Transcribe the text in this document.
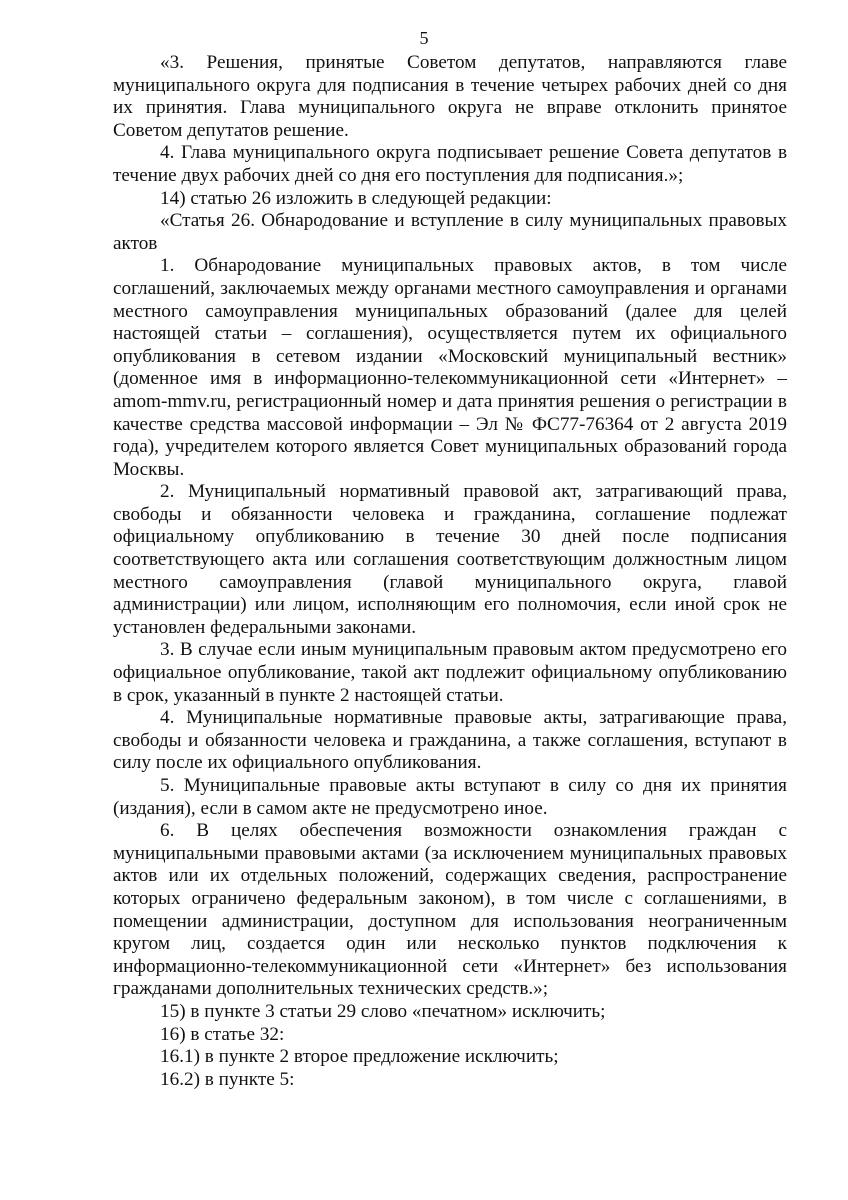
5

«3. Решения, принятые Советом депутатов, направляются главе муниципального округа для подписания в течение четырех рабочих дней со дня их принятия. Глава муниципального округа не вправе отклонить принятое Советом депутатов решение.

4. Глава муниципального округа подписывает решение Совета депутатов в течение двух рабочих дней со дня его поступления для подписания.»;

14) статью 26 изложить в следующей редакции:

«Статья 26. Обнародование и вступление в силу муниципальных правовых актов

1. Обнародование муниципальных правовых актов, в том числе соглашений, заключаемых между органами местного самоуправления и органами местного самоуправления муниципальных образований (далее для целей настоящей статьи – соглашения), осуществляется путем их официального опубликования в сетевом издании «Московский муниципальный вестник» (доменное имя в информационно-телекоммуникационной сети «Интернет» – amom-mmv.ru, регистрационный номер и дата принятия решения о регистрации в качестве средства массовой информации – Эл № ФС77-76364 от 2 августа 2019 года), учредителем которого является Совет муниципальных образований города Москвы.

2. Муниципальный нормативный правовой акт, затрагивающий права, свободы и обязанности человека и гражданина, соглашение подлежат официальному опубликованию в течение 30 дней после подписания соответствующего акта или соглашения соответствующим должностным лицом местного самоуправления (главой муниципального округа, главой администрации) или лицом, исполняющим его полномочия, если иной срок не установлен федеральными законами.

3. В случае если иным муниципальным правовым актом предусмотрено его официальное опубликование, такой акт подлежит официальному опубликованию в срок, указанный в пункте 2 настоящей статьи.

4. Муниципальные нормативные правовые акты, затрагивающие права, свободы и обязанности человека и гражданина, а также соглашения, вступают в силу после их официального опубликования.

5. Муниципальные правовые акты вступают в силу со дня их принятия (издания), если в самом акте не предусмотрено иное.

6. В целях обеспечения возможности ознакомления граждан с муниципальными правовыми актами (за исключением муниципальных правовых актов или их отдельных положений, содержащих сведения, распространение которых ограничено федеральным законом), в том числе с соглашениями, в помещении администрации, доступном для использования неограниченным кругом лиц, создается один или несколько пунктов подключения к информационно-телекоммуникационной сети «Интернет» без использования гражданами дополнительных технических средств.»;

15) в пункте 3 статьи 29 слово «печатном» исключить;

16) в статье 32:

16.1) в пункте 2 второе предложение исключить;

16.2) в пункте 5:
